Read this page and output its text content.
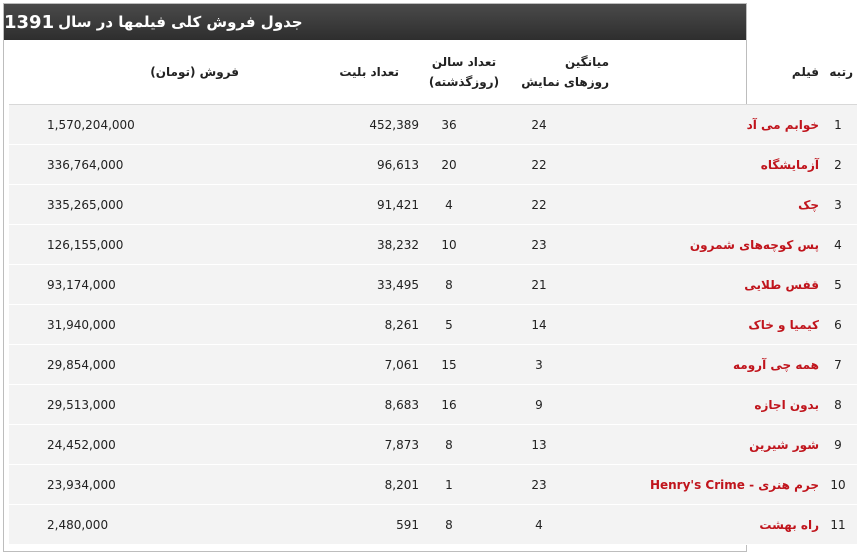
جدول فروش کلی فیلمها در سال
1391
رتبه	فیلم	میانگین روزهای نمایش	تعداد سالن (روزگذشته)	تعداد بلیت	فروش (تومان)
1	خوابم می آد	24	36	452,389	1,570,204,000
2	آزمایشگاه	22	20	96,613	336,764,000
3	چک	22	4	91,421	335,265,000
4	پس کوچه‌های شمرون	23	10	38,232	126,155,000
5	قفس طلایی	21	8	33,495	93,174,000
6	کیمیا و خاک	14	5	8,261	31,940,000
7	همه چی آرومه	3	15	7,061	29,854,000
8	بدون اجازه	9	16	8,683	29,513,000
9	شور شیرین	13	8	7,873	24,452,000
10	جرم هنری - Henry's Crime	23	1	8,201	23,934,000
11	راه بهشت	4	8	591	2,480,000
